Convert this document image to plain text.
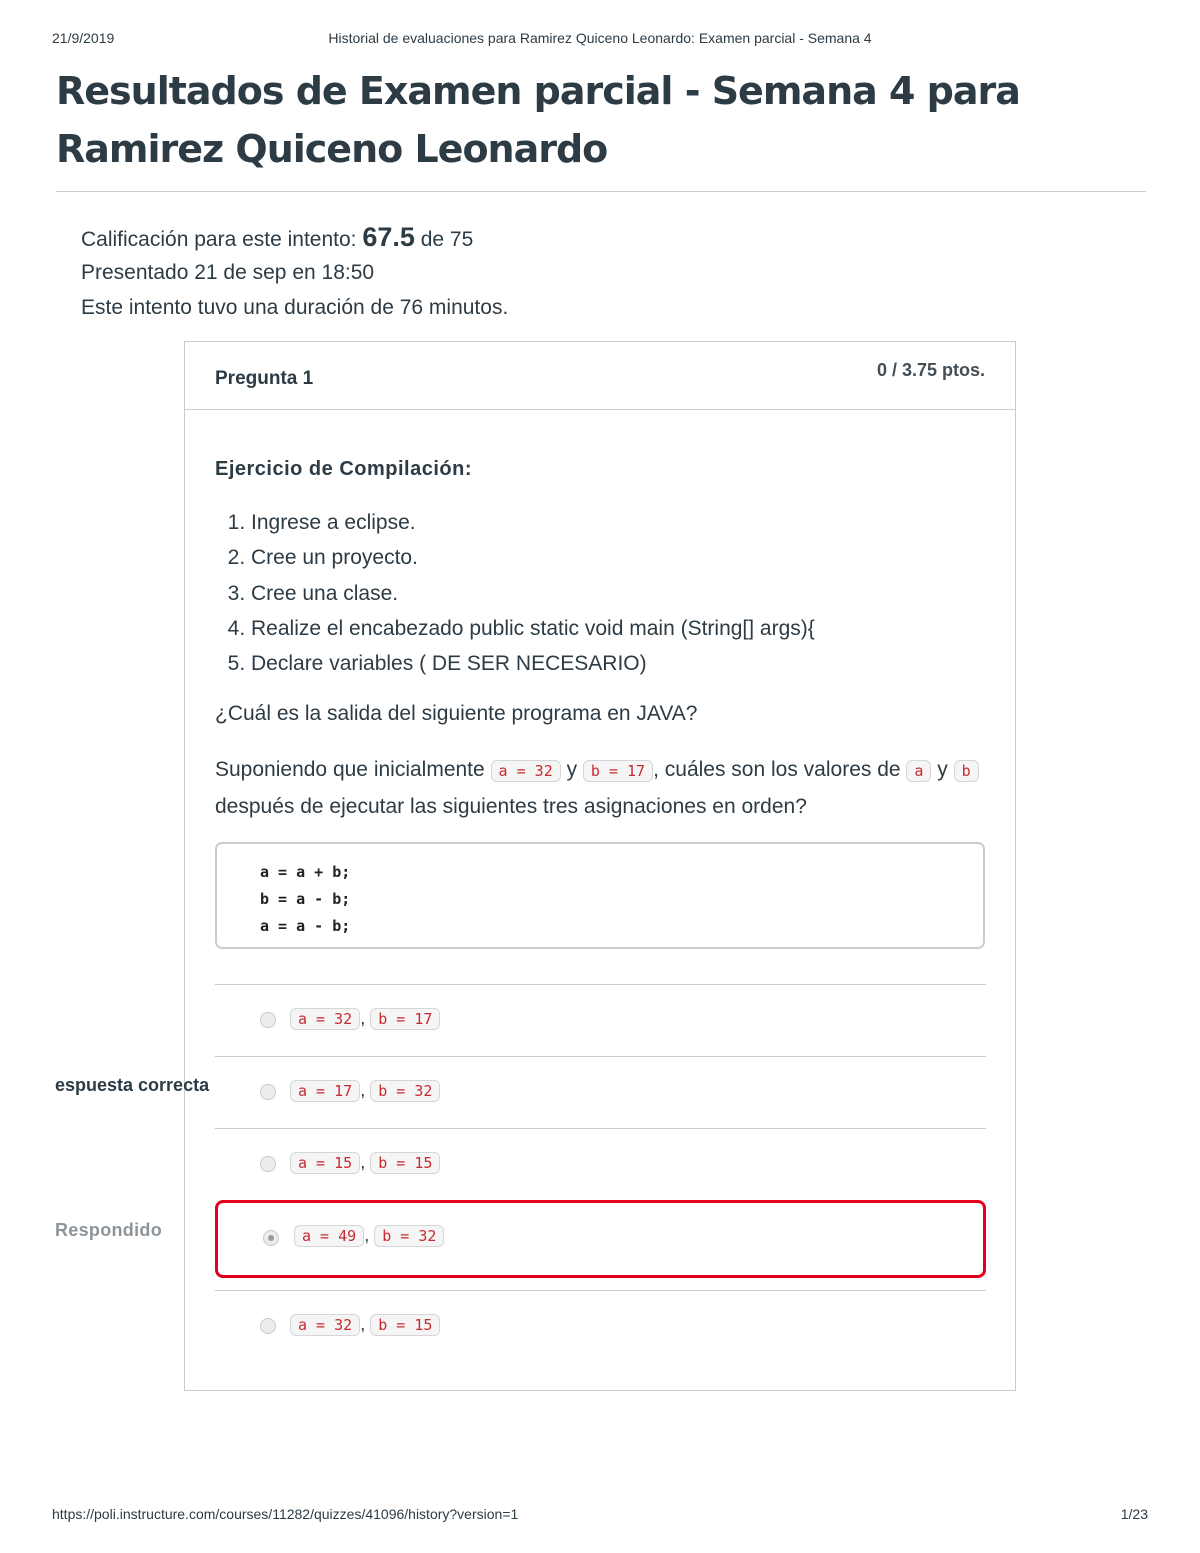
21/9/2019	Historial de evaluaciones para Ramirez Quiceno Leonardo: Examen parcial - Semana 4
Resultados de Examen parcial - Semana 4 para
Ramirez Quiceno Leonardo
Calificación para este intento: 67.5 de 75
Presentado 21 de sep en 18:50
Este intento tuvo una duración de 76 minutos.
Pregunta 1	0 / 3.75 ptos.
Ejercicio de Compilación:
1. Ingrese a eclipse.
2. Cree un proyecto.
3. Cree una clase.
4. Realize el encabezado public static void main (String[] args){
5. Declare variables ( DE SER NECESARIO)
¿Cuál es la salida del siguiente programa en JAVA?
Suponiendo que inicialmente a = 32 y b = 17 , cuáles son los valores de a y b después de ejecutar las siguientes tres asignaciones en orden?
a = a + b;
b = a - b;
a = a - b;
a = 32 , b = 17
a = 17 , b = 32
a = 15 , b = 15
a = 49 , b = 32
a = 32 , b = 15
espuesta correcta
Respondido
https://poli.instructure.com/courses/11282/quizzes/41096/history?version=1	1/23
